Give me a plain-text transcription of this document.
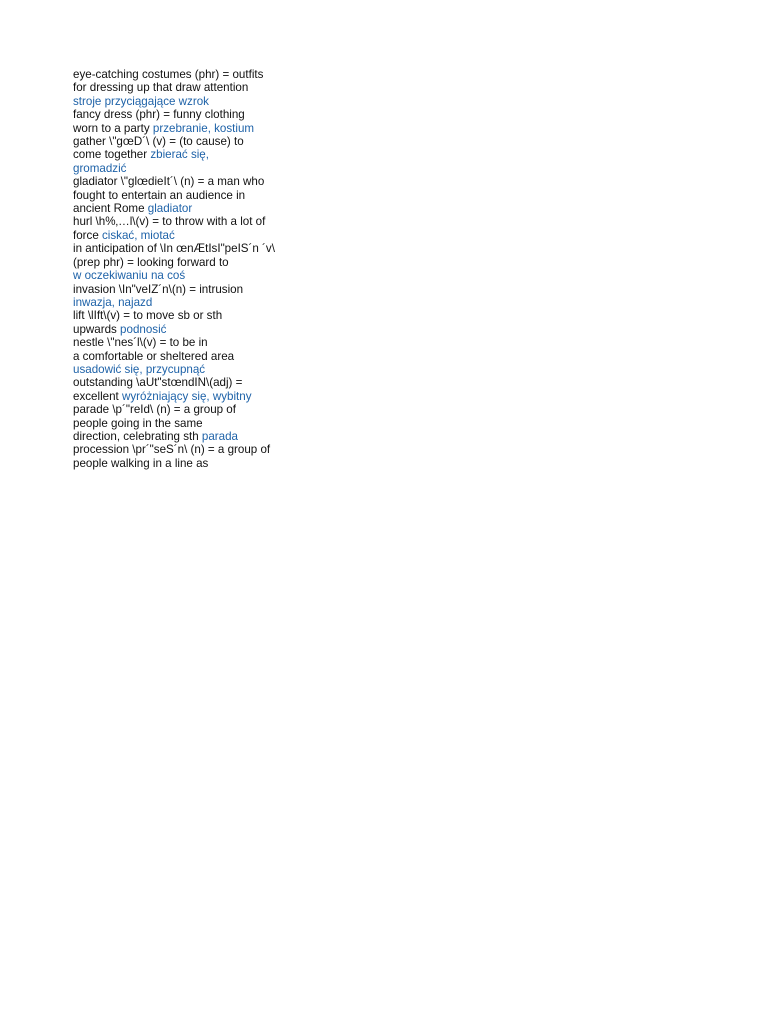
eye-catching costumes (phr) = outfits
for dressing up that draw attention
stroje przyciągające wzrok
fancy dress (phr) = funny clothing
worn to a party przebranie, kostium
gather \"gœD´\ (v) = (to cause) to
come together zbierać się,
gromadzić
gladiator \"glœdieIt´\ (n) = a man who
fought to entertain an audience in
ancient Rome gladiator
hurl \h%‚…l\(v) = to throw with a lot of
force ciskać, miotać
in anticipation of \In œnÆtIsI"peIS´n ´v\
(prep phr) = looking forward to
w oczekiwaniu na coś
invasion \In"veIZ´n\(n) = intrusion
inwazja, najazd
lift \lIft\(v) = to move sb or sth
upwards podnosić
nestle \"nes´l\(v) = to be in
a comfortable or sheltered area
usadowić się, przycupnąć
outstanding \aUt"stœndIN\(adj) =
excellent wyróżniający się, wybitny
parade \p´"reId\ (n) = a group of
people going in the same
direction, celebrating sth parada
procession \pr´"seS´n\ (n) = a group of
people walking in a line as
